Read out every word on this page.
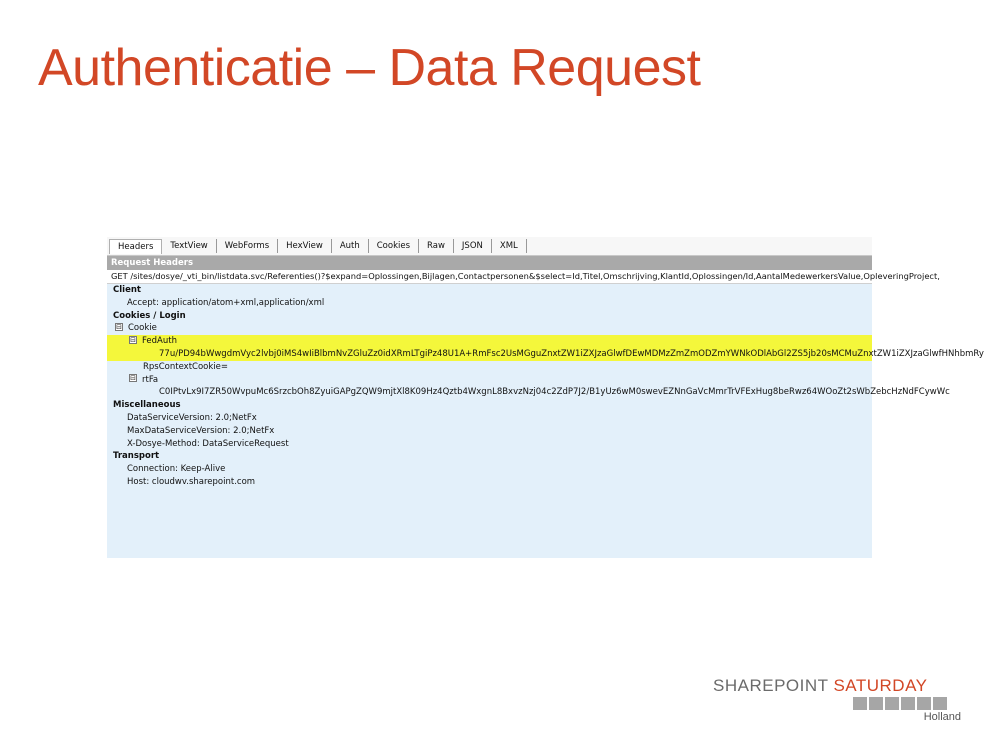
Authenticatie – Data Request
Headers	TextView	WebForms	HexView	Auth	Cookies	Raw	JSON	XML
Request Headers
GET /sites/dosye/_vti_bin/listdata.svc/Referenties()?$expand=Oplossingen,Bijlagen,Contactpersonen&$select=Id,Titel,Omschrijving,KlantId,Oplossingen/Id,AantalMedewerkersValue,OpleveringProject,
Client
Accept: application/atom+xml,application/xml
Cookies / Login
⊟ Cookie
⊟ FedAuth
77u/PD94bWwgdmVyc2lvbj0iMS4wIiBlbmNvZGluZz0idXRmLTgiPz48U1A+RmFsc2UsMGguZnxtZW1iZXJzaGlwfDEwMDMzZmZmODZmYWNkODlAbGl2ZS5jb20sMCMuZnxtZW1iZXJzaGlwfHNhbmRy
RpsContextCookie=
⊟ rtFa
C0IPtvLx9I7ZR50WvpuMc6SrzcbOh8ZyuiGAPgZQW9mjtXl8K09Hz4Qztb4WxgnL8BxvzNzj04c2ZdP7J2/B1yUz6wM0swevEZNnGaVcMmrTrVFExHug8beRwz64WOoZt2sWbZebcHzNdFCywWc
Miscellaneous
DataServiceVersion: 2.0;NetFx
MaxDataServiceVersion: 2.0;NetFx
X-Dosye-Method: DataServiceRequest
Transport
Connection: Keep-Alive
Host: cloudwv.sharepoint.com
SHAREPOINT SATURDAY
Holland
